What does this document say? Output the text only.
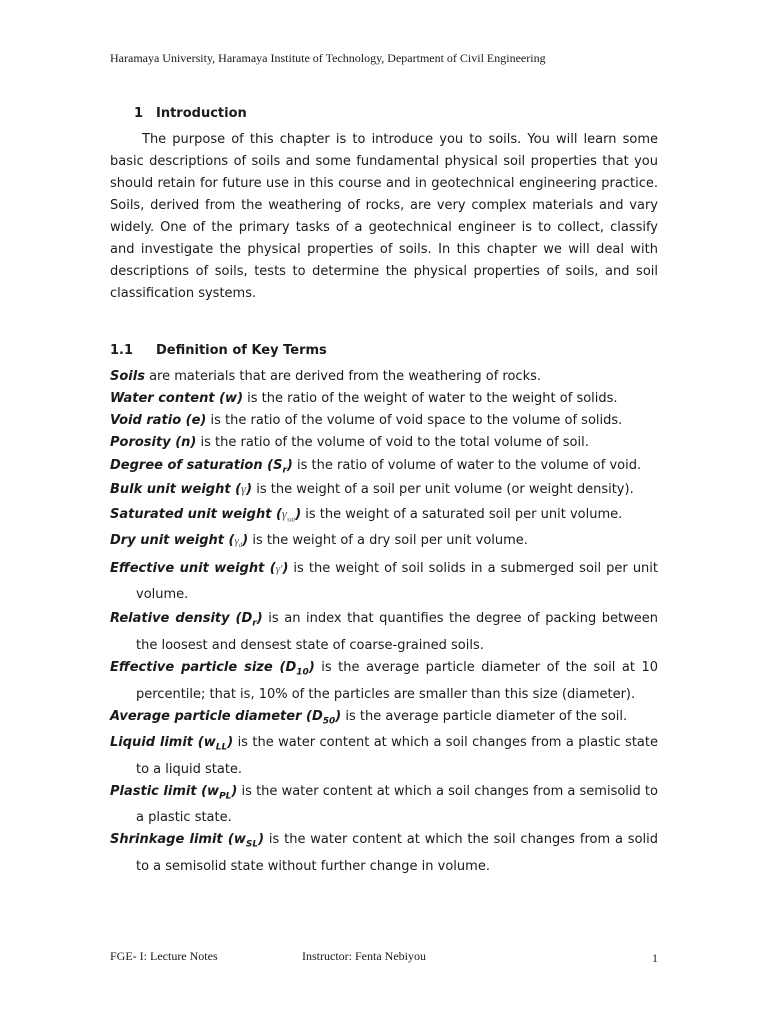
Haramaya University, Haramaya Institute of Technology, Department of Civil Engineering
1 Introduction

The purpose of this chapter is to introduce you to soils. You will learn some basic descriptions of soils and some fundamental physical soil properties that you should retain for future use in this course and in geotechnical engineering practice. Soils, derived from the weathering of rocks, are very complex materials and vary widely. One of the primary tasks of a geotechnical engineer is to collect, classify and investigate the physical properties of soils. In this chapter we will deal with descriptions of soils, tests to determine the physical properties of soils, and soil classification systems.

1.1 Definition of Key Terms

Soils are materials that are derived from the weathering of rocks.

Water content (w) is the ratio of the weight of water to the weight of solids.

Void ratio (e) is the ratio of the volume of void space to the volume of solids.

Porosity (n) is the ratio of the volume of void to the total volume of soil.

Degree of saturation $(S_r)$ is the ratio of volume of water to the volume of void.

Bulk unit weight (γ) is the weight of a soil per unit volume (or weight density).

Saturated unit weight $(\gamma_{sat})$ is the weight of a saturated soil per unit volume.

Dry unit weight $(\gamma_d)$ is the weight of a dry soil per unit volume.

Effective unit weight (γ′) is the weight of soil solids in a submerged soil per unit volume.

Relative density $(D_r)$ is an index that quantifies the degree of packing between the loosest and densest state of coarse-grained soils.

Effective particle size $(D_{10})$ is the average particle diameter of the soil at 10 percentile; that is, 10% of the particles are smaller than this size (diameter).

Average particle diameter $(D_{50})$ is the average particle diameter of the soil.

Liquid limit $(w_{LL})$ is the water content at which a soil changes from a plastic state to a liquid state.

Plastic limit $(w_{PL})$ is the water content at which a soil changes from a semisolid to a plastic state.

Shrinkage limit $(w_{SL})$ is the water content at which the soil changes from a solid to a semisolid state without further change in volume.

FGE- I: Lecture Notes	Instructor: Fenta Nebiyou	1
